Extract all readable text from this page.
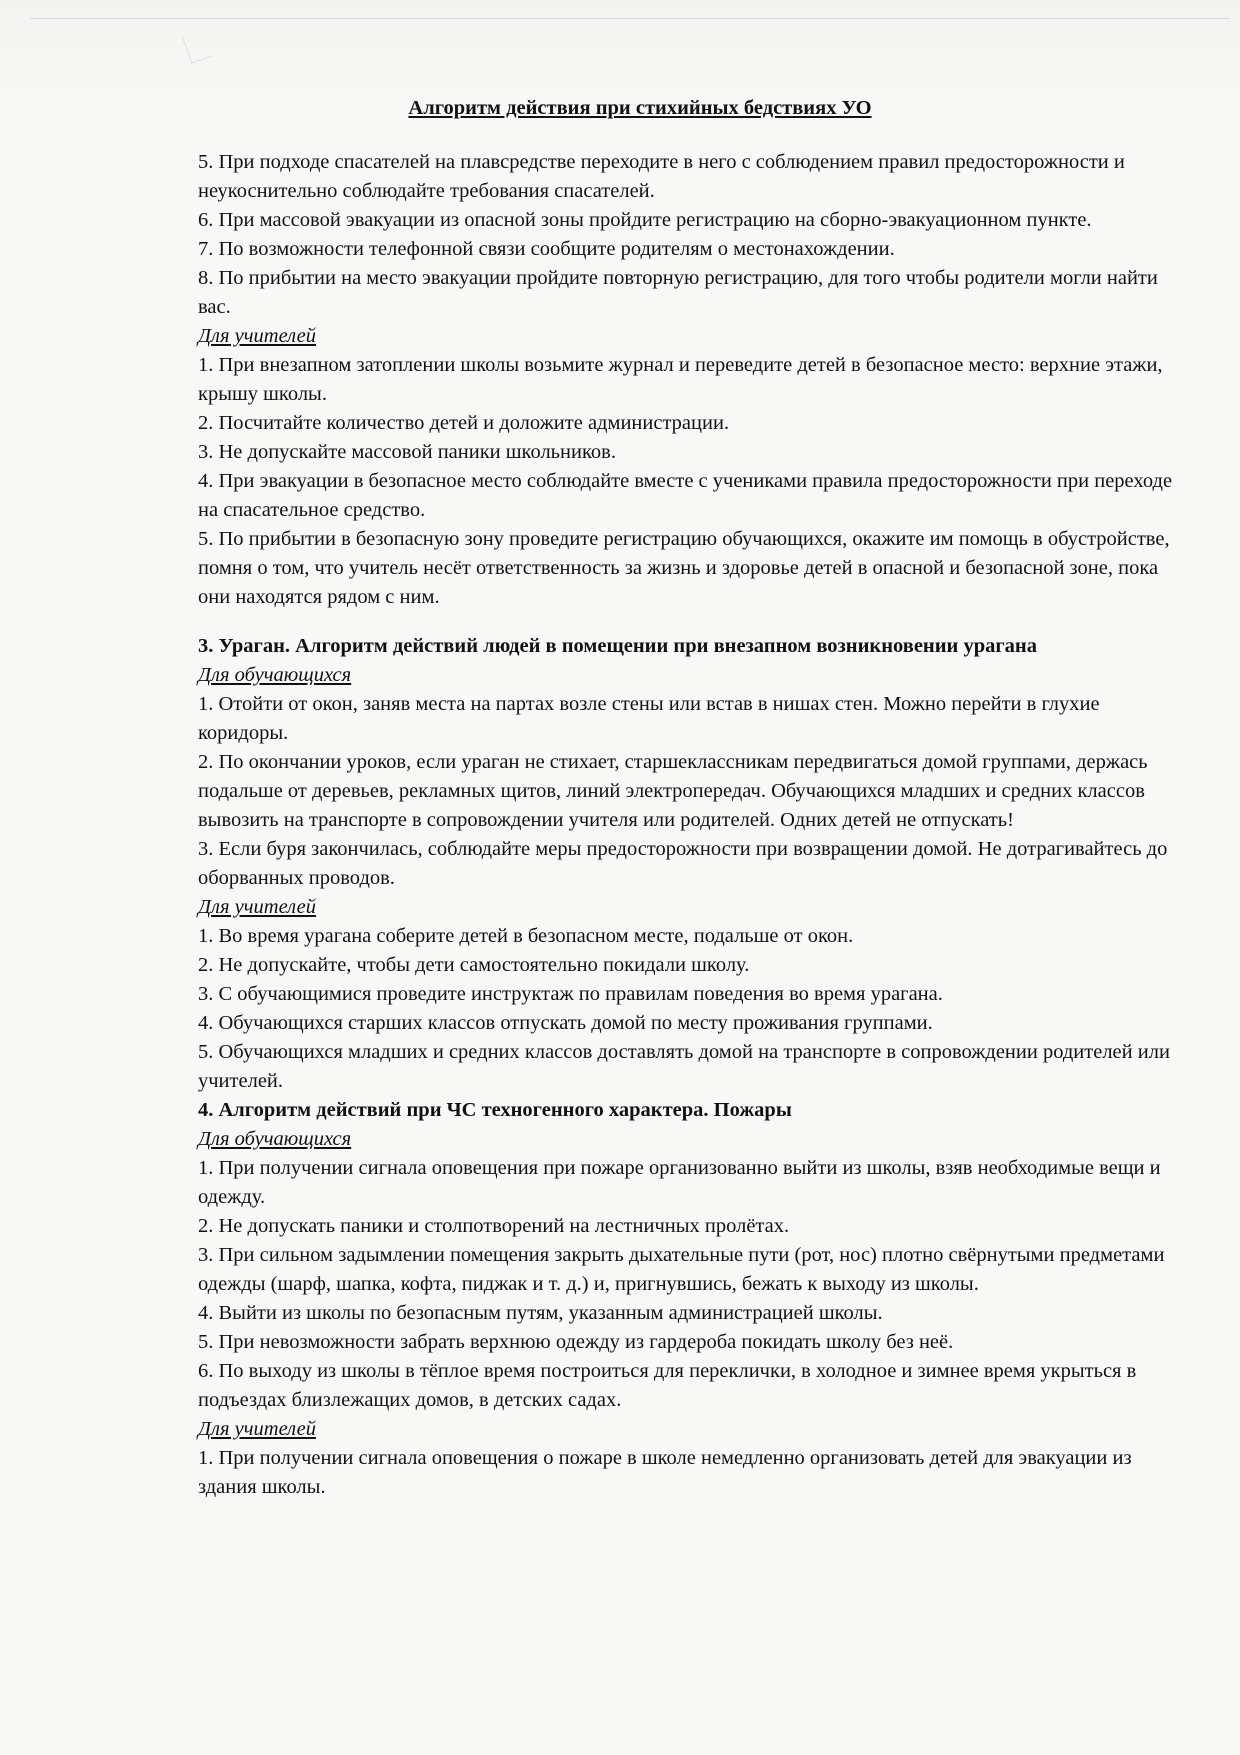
Алгоритм действия при стихийных бедствиях УО

5. При подходе спасателей на плавсредстве переходите в него с соблюдением правил предосторожности и неукоснительно соблюдайте требования спасателей.

6. При массовой эвакуации из опасной зоны пройдите регистрацию на сборно-эвакуационном пункте.

7. По возможности телефонной связи сообщите родителям о местонахождении.

8. По прибытии на место эвакуации пройдите повторную регистрацию, для того чтобы родители могли найти вас.

Для учителей

1. При внезапном затоплении школы возьмите журнал и переведите детей в безопасное место: верхние этажи, крышу школы.

2. Посчитайте количество детей и доложите администрации.

3. Не допускайте массовой паники школьников.

4. При эвакуации в безопасное место соблюдайте вместе с учениками правила предосторожности при переходе на спасательное средство.

5. По прибытии в безопасную зону проведите регистрацию обучающихся, окажите им помощь в обустройстве, помня о том, что учитель несёт ответственность за жизнь и здоровье детей в опасной и безопасной зоне, пока они находятся рядом с ним.

3. Ураган. Алгоритм действий людей в помещении при внезапном возникновении урагана

Для обучающихся

1. Отойти от окон, заняв места на партах возле стены или встав в нишах стен. Можно перейти в глухие коридоры.

2. По окончании уроков, если ураган не стихает, старшеклассникам передвигаться домой группами, держась подальше от деревьев, рекламных щитов, линий электропередач. Обучающихся младших и средних классов вывозить на транспорте в сопровождении учителя или родителей. Одних детей не отпускать!

3. Если буря закончилась, соблюдайте меры предосторожности при возвращении домой. Не дотрагивайтесь до оборванных проводов.

Для учителей

1. Во время урагана соберите детей в безопасном месте, подальше от окон.

2. Не допускайте, чтобы дети самостоятельно покидали школу.

3. С обучающимися проведите инструктаж по правилам поведения во время урагана.

4. Обучающихся старших классов отпускать домой по месту проживания группами.

5. Обучающихся младших и средних классов доставлять домой на транспорте в сопровождении родителей или учителей.

4. Алгоритм действий при ЧС техногенного характера. Пожары

Для обучающихся

1. При получении сигнала оповещения при пожаре организованно выйти из школы, взяв необходимые вещи и одежду.

2. Не допускать паники и столпотворений на лестничных пролётах.

3. При сильном задымлении помещения закрыть дыхательные пути (рот, нос) плотно свёрнутыми предметами одежды (шарф, шапка, кофта, пиджак и т. д.) и, пригнувшись, бежать к выходу из школы.

4. Выйти из школы по безопасным путям, указанным администрацией школы.

5. При невозможности забрать верхнюю одежду из гардероба покидать школу без неё.

6. По выходу из школы в тёплое время построиться для переклички, в холодное и зимнее время укрыться в подъездах близлежащих домов, в детских садах.

Для учителей

1. При получении сигнала оповещения о пожаре в школе немедленно организовать детей для эвакуации из здания школы.
